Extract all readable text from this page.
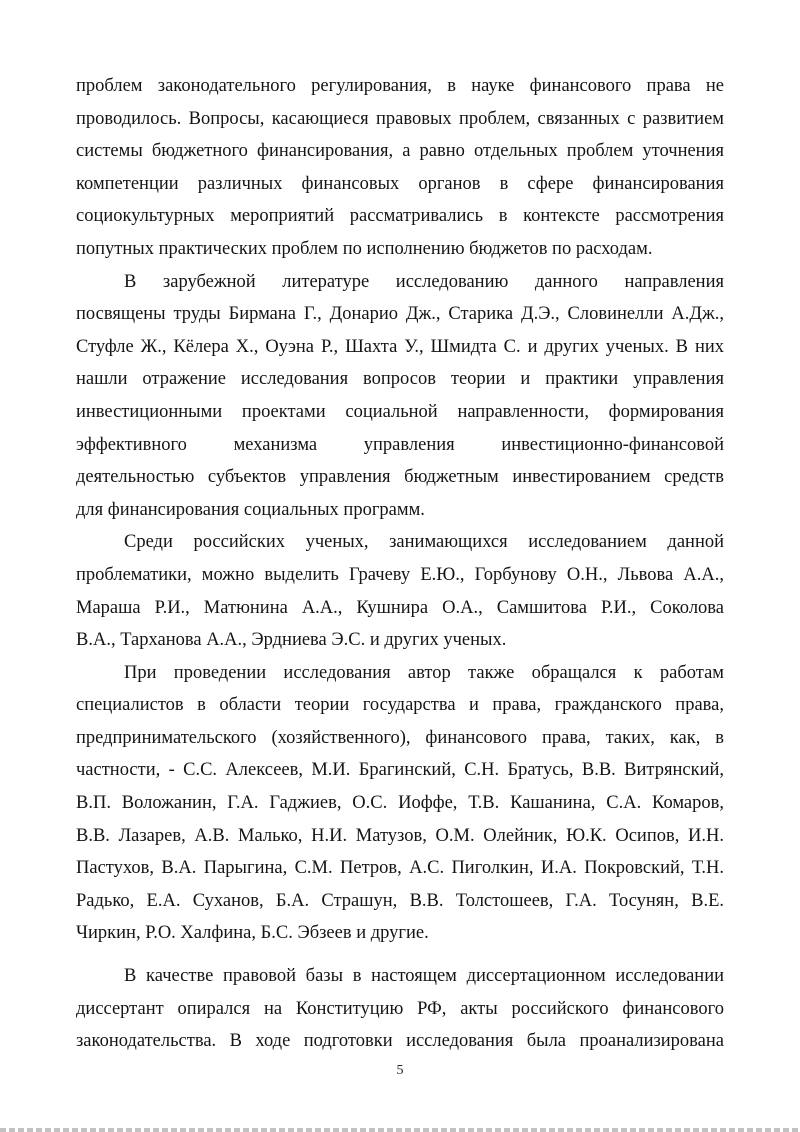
проблем законодательного регулирования, в науке финансового права не
проводилось. Вопросы, касающиеся правовых проблем, связанных с развитием
системы бюджетного финансирования, а равно отдельных проблем уточнения
компетенции различных финансовых органов в сфере финансирования
социокультурных мероприятий рассматривались в контексте рассмотрения
попутных практических проблем по исполнению бюджетов по расходам.
В зарубежной литературе исследованию данного направления
посвящены труды Бирмана Г., Донарио Дж., Старика Д.Э., Словинелли А.Дж.,
Стуфле Ж., Кёлера Х., Оуэна Р., Шахта У., Шмидта С. и других ученых. В них
нашли отражение исследования вопросов теории и практики управления
инвестиционными проектами социальной направленности, формирования
эффективного механизма управления инвестиционно-финансовой
деятельностью субъектов управления бюджетным инвестированием средств
для финансирования социальных программ.
Среди российских ученых, занимающихся исследованием данной
проблематики, можно выделить Грачеву Е.Ю., Горбунову О.Н., Львова А.А.,
Мараша Р.И., Матюнина А.А., Кушнира О.А., Самшитова Р.И., Соколова
В.А., Тарханова А.А., Эрдниева Э.С. и других ученых.
При проведении исследования автор также обращался к работам
специалистов в области теории государства и права, гражданского права,
предпринимательского (хозяйственного), финансового права, таких, как, в
частности, - С.С. Алексеев, М.И. Брагинский, С.Н. Братусь, В.В. Витрянский,
В.П. Воложанин, Г.А. Гаджиев, О.С. Иоффе, Т.В. Кашанина, С.А. Комаров,
В.В. Лазарев, А.В. Малько, Н.И. Матузов, О.М. Олейник, Ю.К. Осипов, И.Н.
Пастухов, В.А. Парыгина, С.М. Петров, А.С. Пиголкин, И.А. Покровский, Т.Н.
Радько, Е.А. Суханов, Б.А. Страшун, В.В. Толстошеев, Г.А. Тосунян, В.Е.
Чиркин, Р.О. Халфина, Б.С. Эбзеев и другие.
В качестве правовой базы в настоящем диссертационном исследовании
диссертант опирался на Конституцию РФ, акты российского финансового
законодательства. В ходе подготовки исследования была проанализирована
5
